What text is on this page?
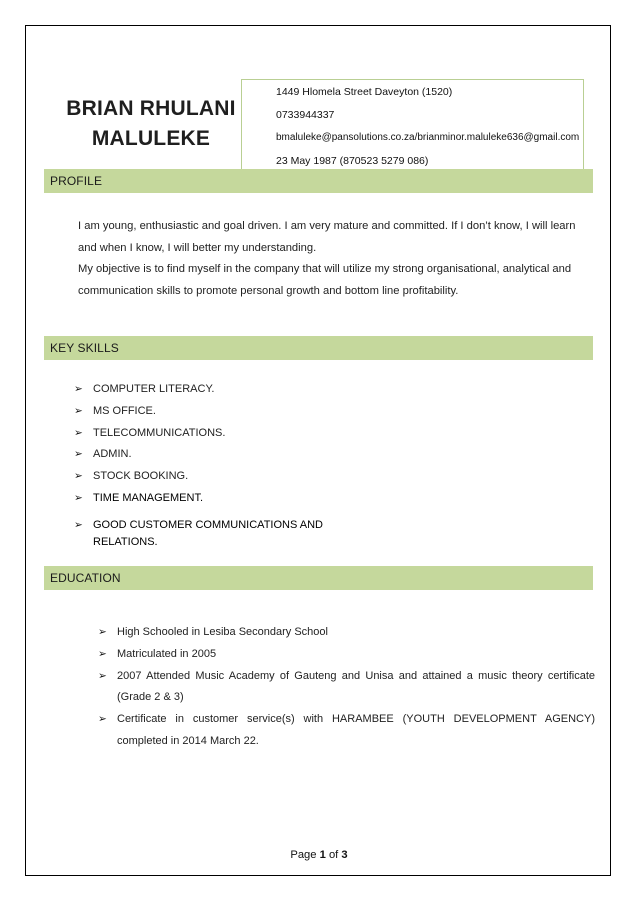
BRIAN RHULANI
MALULEKE
1449 Hlomela Street Daveyton (1520)
0733944337
bmaluleke@pansolutions.co.za/brianminor.maluleke636@gmail.com
23 May 1987 (870523 5279 086)
PROFILE

I am young, enthusiastic and goal driven. I am very mature and committed. If I don’t know, I will learn and when I know, I will better my understanding.

My objective is to find myself in the company that will utilize my strong organisational, analytical and communication skills to promote personal growth and bottom line profitability.

KEY SKILLS
➢ COMPUTER LITERACY.
➢ MS OFFICE.
➢ TELECOMMUNICATIONS.
➢ ADMIN.
➢ STOCK BOOKING.
➢ TIME MANAGEMENT.
➢ GOOD CUSTOMER COMMUNICATIONS AND RELATIONS.
EDUCATION
➢ High Schooled in Lesiba Secondary School
➢ Matriculated in 2005
➢ 2007 Attended Music Academy of Gauteng and Unisa and attained a music theory certificate (Grade 2 & 3)
➢ Certificate in customer service(s) with HARAMBEE (YOUTH DEVELOPMENT AGENCY) completed in 2014 March 22.
Page 1 of 3
